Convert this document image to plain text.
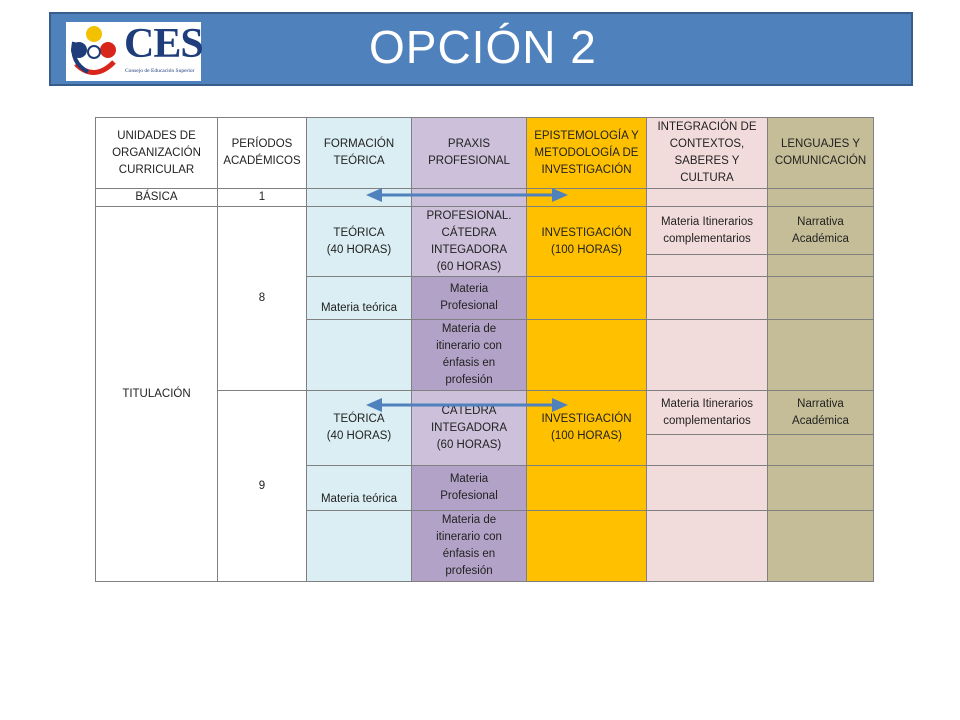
CES
Consejo de Educación Superior	OPCIÓN 2
UNIDADES DE
ORGANIZACIÓN
CURRICULAR
PERÍODOS
ACADÉMICOS
FORMACIÓN
TEÓRICA
PRAXIS
PROFESIONAL
EPISTEMOLOGÍA Y
METODOLOGÍA DE
INVESTIGACIÓN
INTEGRACIÓN DE
CONTEXTOS,
SABERES Y
CULTURA
LENGUAJES Y
COMUNICACIÓN
BÁSICA	1
TITULACIÓN
8
TEÓRICA
(40 HORAS)
PROFESIONAL.
CÁTEDRA
INTEGADORA
(60 HORAS)
INVESTIGACIÓN
(100 HORAS)
Materia Itinerarios
complementarios
Narrativa
Académica
Materia teórica
Materia
Profesional
Materia de
itinerario con
énfasis en
profesión
9
TEÓRICA
(40 HORAS)
CÁTEDRA
INTEGADORA
(60 HORAS)
INVESTIGACIÓN
(100 HORAS)
Materia Itinerarios
complementarios
Narrativa
Académica
Materia teórica
Materia
Profesional
Materia de
itinerario con
énfasis en
profesión
